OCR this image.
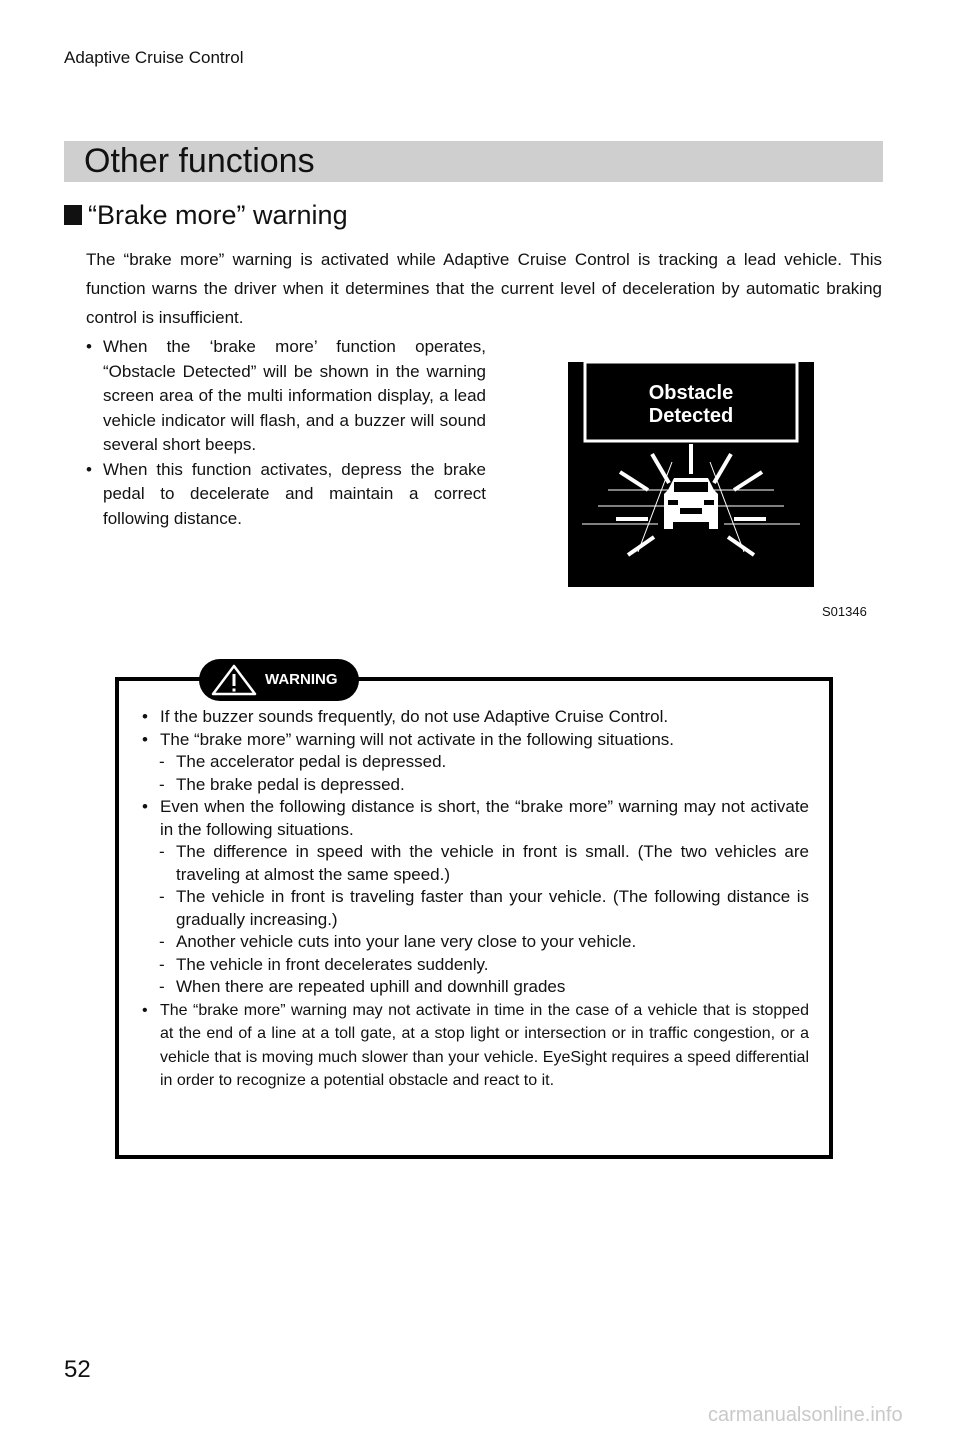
Adaptive Cruise Control
Other functions
“Brake more” warning
The “brake more” warning is activated while Adaptive Cruise Control is tracking a lead vehicle. This function warns the driver when it determines that the current level of deceleration by automatic braking control is insufficient.
• When the ‘brake more’ function operates, “Obstacle Detected” will be shown in the warning screen area of the multi information display, a lead vehicle indicator will flash, and a buzzer will sound several short beeps.
• When this function activates, depress the brake pedal to decelerate and maintain a correct following distance.
Obstacle
Detected
S01346
WARNING
• If the buzzer sounds frequently, do not use Adaptive Cruise Control.
• The “brake more” warning will not activate in the following situations.
- The accelerator pedal is depressed.
- The brake pedal is depressed.
• Even when the following distance is short, the “brake more” warning may not activate in the following situations.
- The difference in speed with the vehicle in front is small. (The two vehicles are traveling at almost the same speed.)
- The vehicle in front is traveling faster than your vehicle. (The following distance is gradually increasing.)
- Another vehicle cuts into your lane very close to your vehicle.
- The vehicle in front decelerates suddenly.
- When there are repeated uphill and downhill grades
• The “brake more” warning may not activate in time in the case of a vehicle that is stopped at the end of a line at a toll gate, at a stop light or intersection or in traffic congestion, or a vehicle that is moving much slower than your vehicle. EyeSight requires a speed differential in order to recognize a potential obstacle and react to it.
52
carmanualsonline.info
